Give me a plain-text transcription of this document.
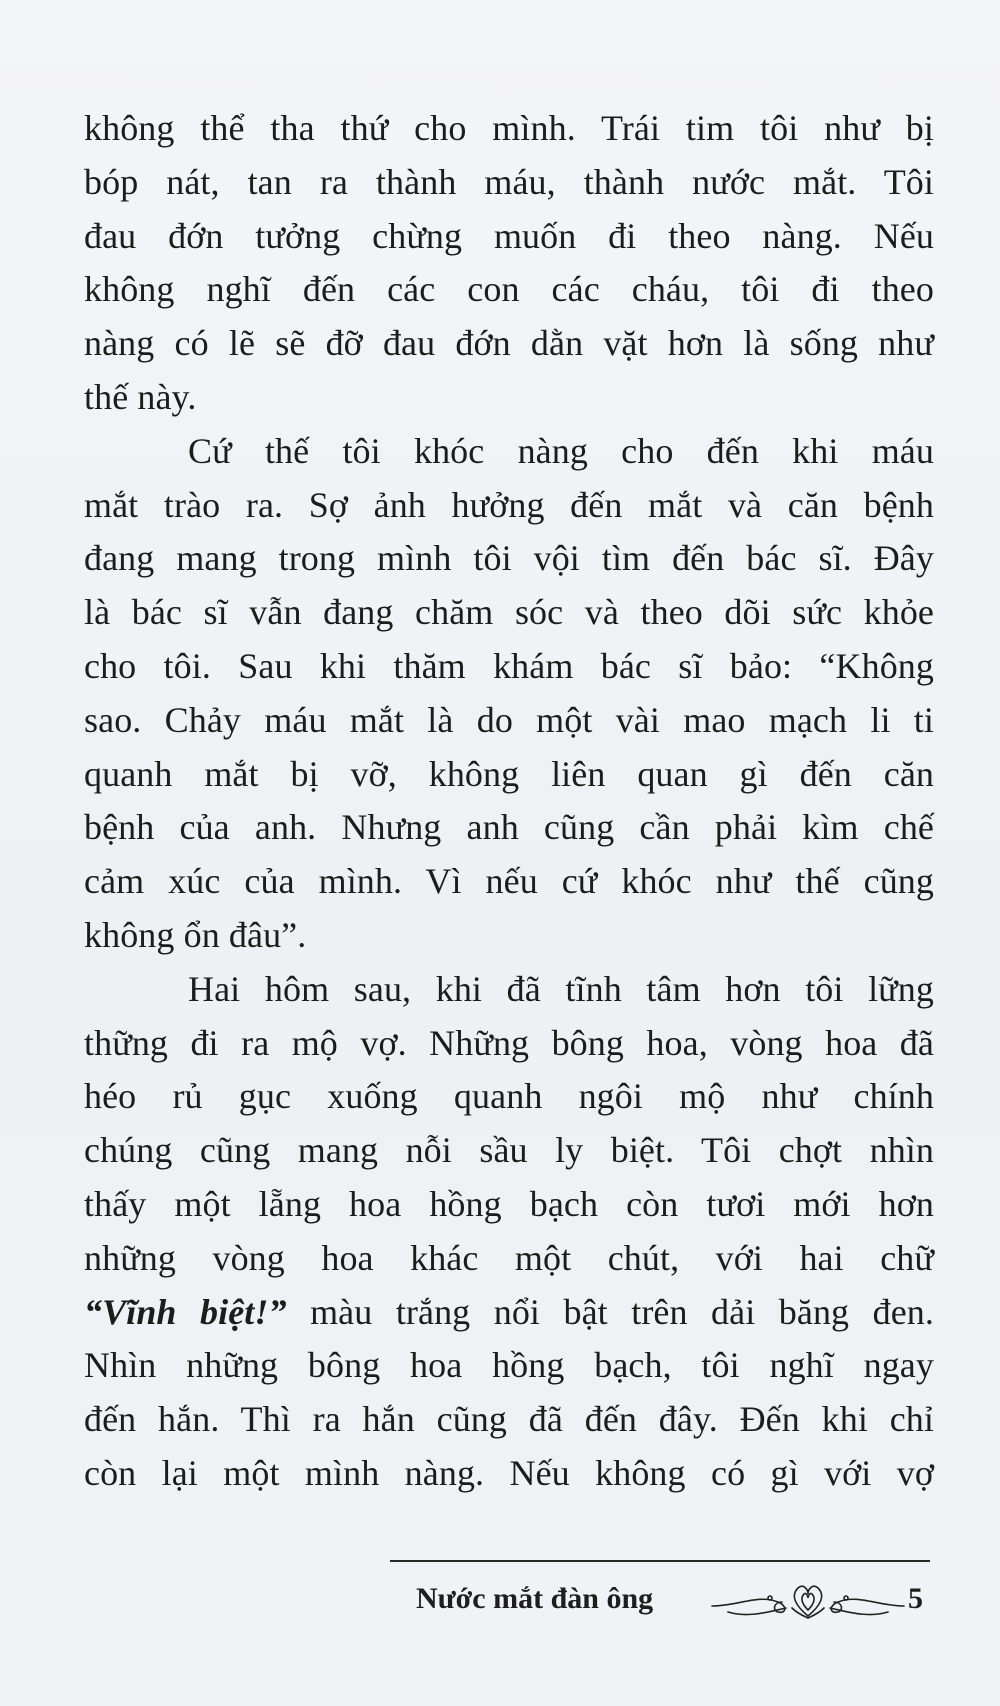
không thể tha thứ cho mình. Trái tim tôi như bị
bóp nát, tan ra thành máu, thành nước mắt. Tôi
đau đớn tưởng chừng muốn đi theo nàng. Nếu
không nghĩ đến các con các cháu, tôi đi theo
nàng có lẽ sẽ đỡ đau đớn dằn vặt hơn là sống như
thế này.
Cứ thế tôi khóc nàng cho đến khi máu
mắt trào ra. Sợ ảnh hưởng đến mắt và căn bệnh
đang mang trong mình tôi vội tìm đến bác sĩ. Đây
là bác sĩ vẫn đang chăm sóc và theo dõi sức khỏe
cho tôi. Sau khi thăm khám bác sĩ bảo: “Không
sao. Chảy máu mắt là do một vài mao mạch li ti
quanh mắt bị vỡ, không liên quan gì đến căn
bệnh của anh. Nhưng anh cũng cần phải kìm chế
cảm xúc của mình. Vì nếu cứ khóc như thế cũng
không ổn đâu”.
Hai hôm sau, khi đã tĩnh tâm hơn tôi lững
thững đi ra mộ vợ. Những bông hoa, vòng hoa đã
héo rủ gục xuống quanh ngôi mộ như chính
chúng cũng mang nỗi sầu ly biệt. Tôi chợt nhìn
thấy một lẵng hoa hồng bạch còn tươi mới hơn
những vòng hoa khác một chút, với hai chữ
“Vĩnh biệt!” màu trắng nổi bật trên dải băng đen.
Nhìn những bông hoa hồng bạch, tôi nghĩ ngay
đến hắn. Thì ra hắn cũng đã đến đây. Đến khi chỉ
còn lại một mình nàng. Nếu không có gì với vợ
Nước mắt đàn ông	5
